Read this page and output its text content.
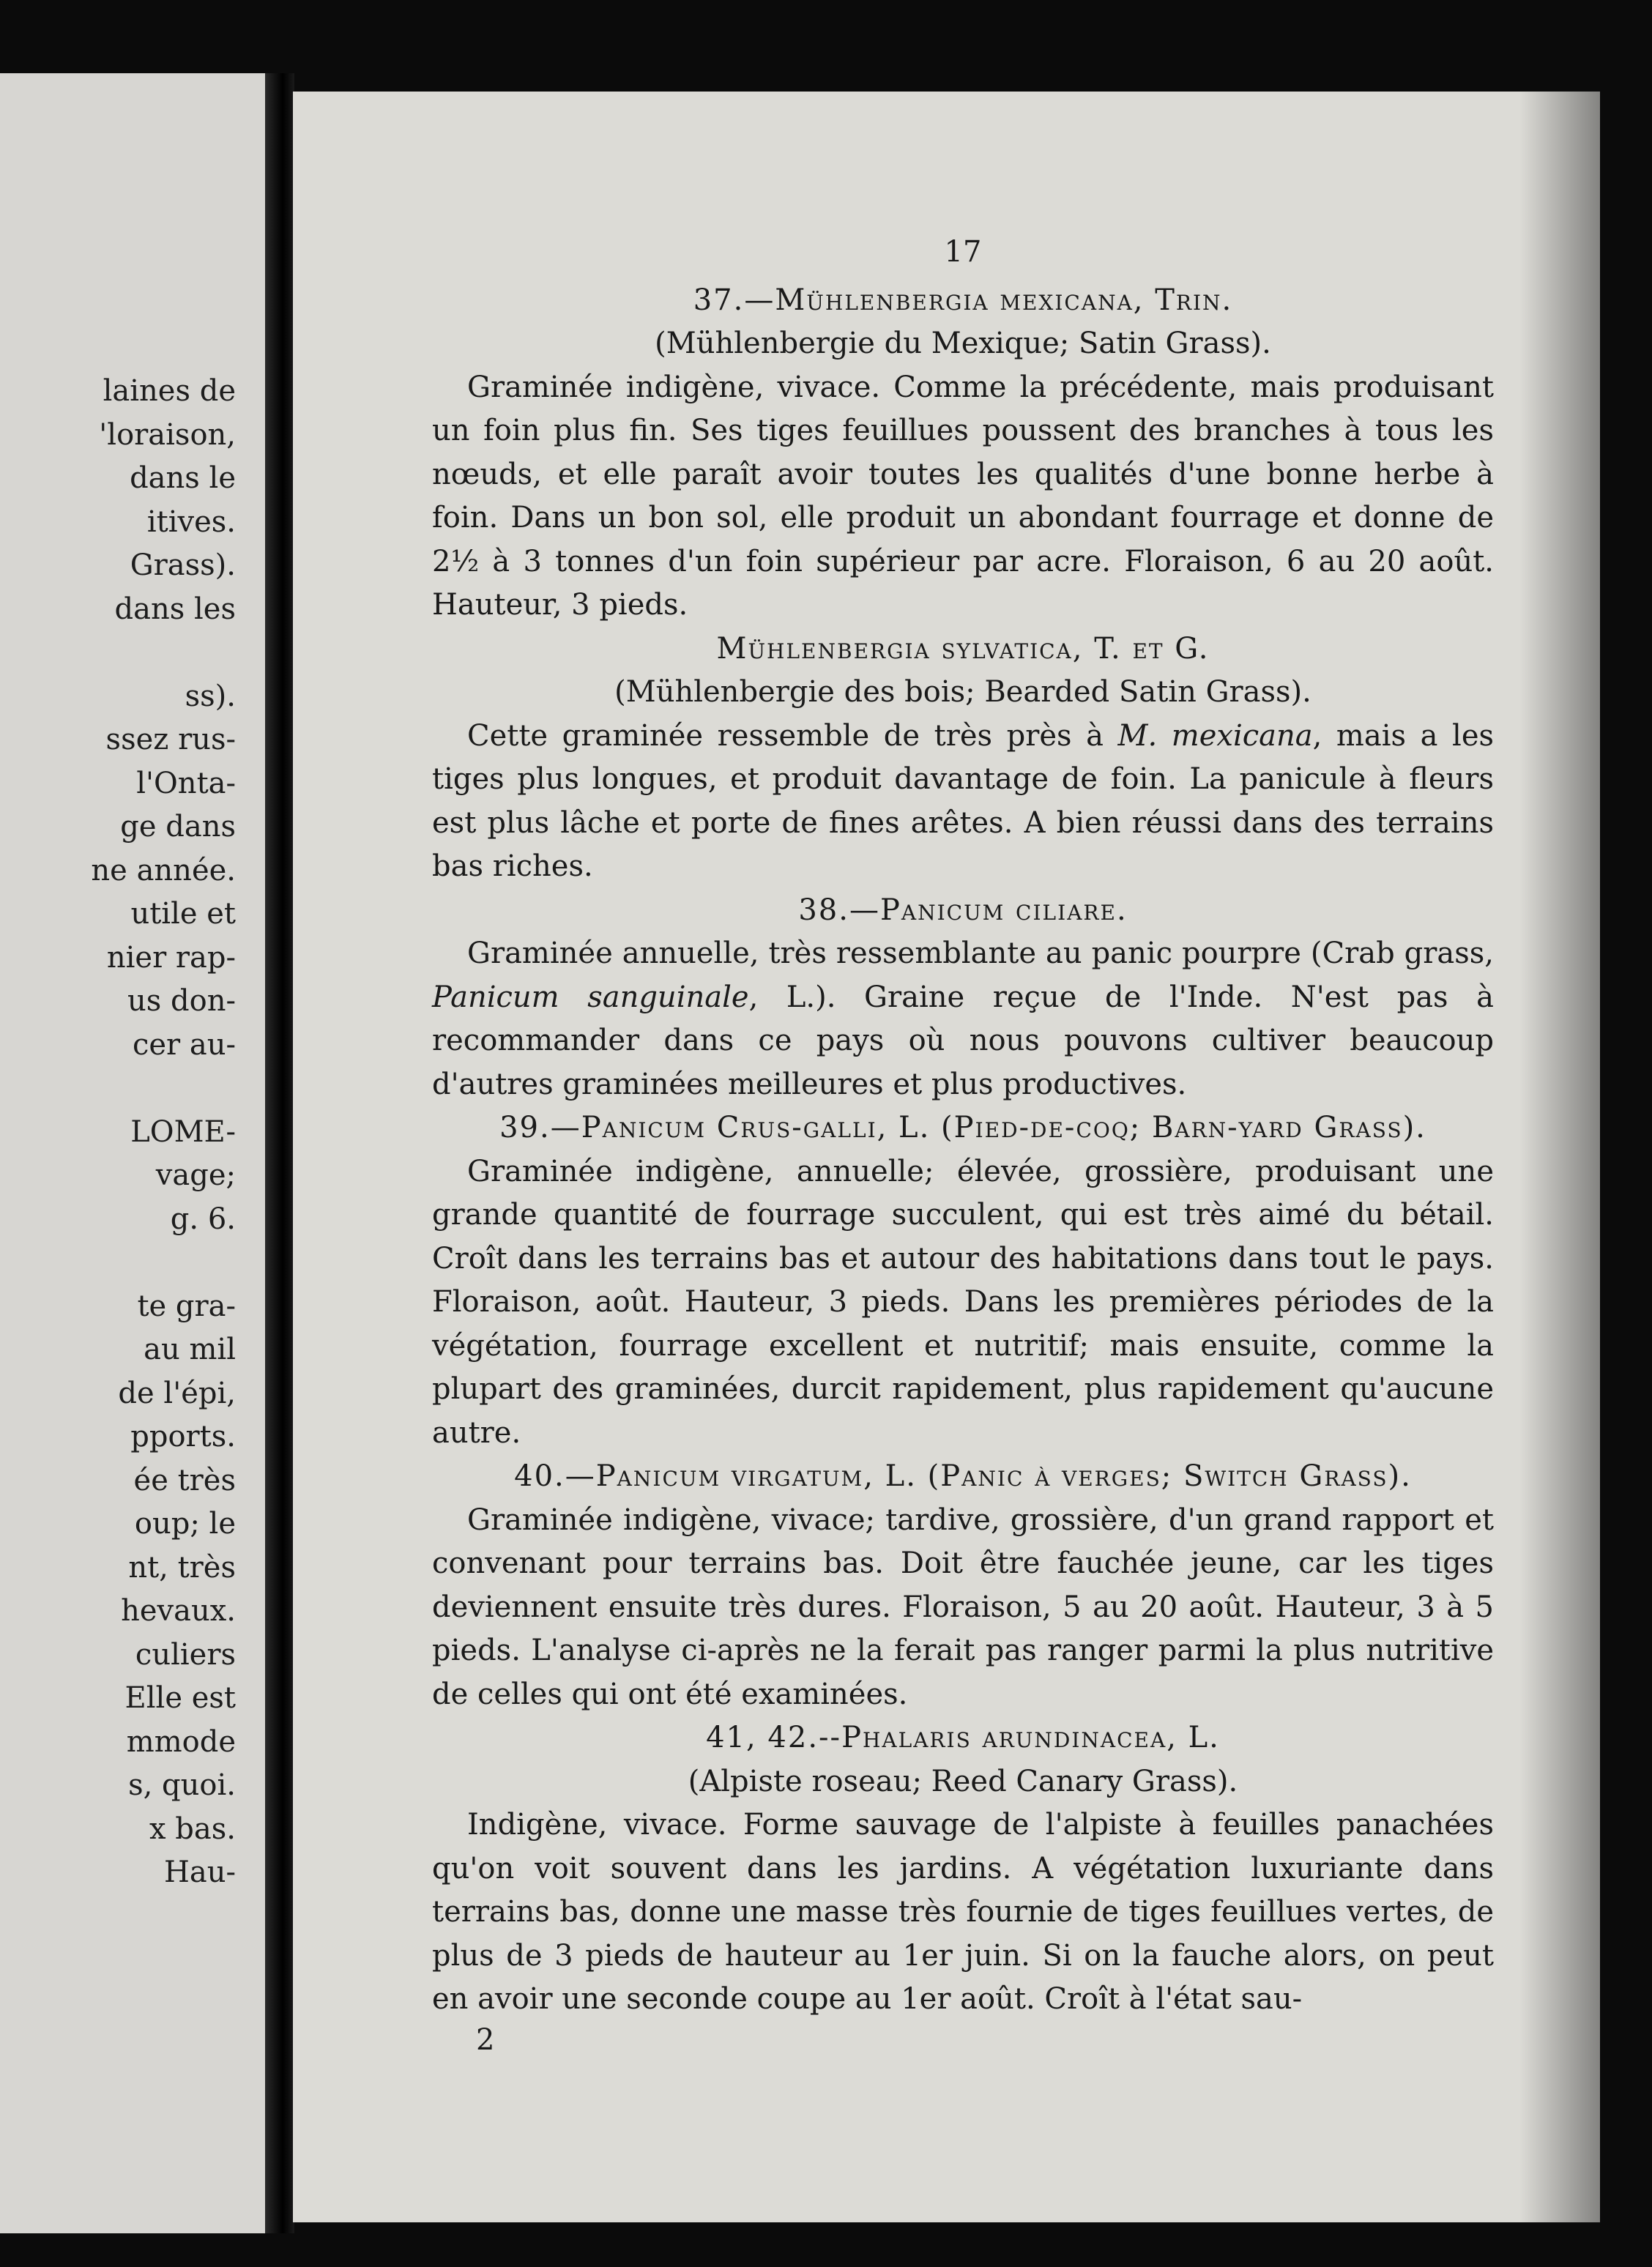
laines de
'loraison,
dans le
itives.
Grass).
dans les
ss).
ssez rus-
l'Onta-
ge dans
ne année.
utile et
nier rap-
us don-
cer au-
LOME-
vage;
g. 6.
te gra-
au mil
de l'épi,
pports.
ée très
oup; le
nt, très
hevaux.
culiers
Elle est
mmode
s, quoi.
x bas.
Hau-
17
37.—Mühlenbergia mexicana, Trin.
(Mühlenbergie du Mexique; Satin Grass).

Graminée indigène, vivace. Comme la précédente, mais produisant un foin plus fin. Ses tiges feuillues poussent des branches à tous les nœuds, et elle paraît avoir toutes les qualités d'une bonne herbe à foin. Dans un bon sol, elle produit un abondant fourrage et donne de 2½ à 3 tonnes d'un foin supérieur par acre. Floraison, 6 au 20 août. Hauteur, 3 pieds.

Mühlenbergia sylvatica, T. et G.
(Mühlenbergie des bois; Bearded Satin Grass).

Cette graminée ressemble de très près à M. mexicana, mais a les tiges plus longues, et produit davantage de foin. La panicule à fleurs est plus lâche et porte de fines arêtes. A bien réussi dans des terrains bas riches.

38.—Panicum ciliare.

Graminée annuelle, très ressemblante au panic pourpre (Crab grass, Panicum sanguinale, L.). Graine reçue de l'Inde. N'est pas à recommander dans ce pays où nous pouvons cultiver beaucoup d'autres graminées meilleures et plus productives.

39.—Panicum Crus-galli, L. (Pied-de-coq; Barn-yard Grass).

Graminée indigène, annuelle; élevée, grossière, produisant une grande quantité de fourrage succulent, qui est très aimé du bétail. Croît dans les terrains bas et autour des habitations dans tout le pays. Floraison, août. Hauteur, 3 pieds. Dans les premières périodes de la végétation, fourrage excellent et nutritif; mais ensuite, comme la plupart des graminées, durcit rapidement, plus rapidement qu'aucune autre.

40.—Panicum virgatum, L. (Panic à verges; Switch Grass).

Graminée indigène, vivace; tardive, grossière, d'un grand rapport et convenant pour terrains bas. Doit être fauchée jeune, car les tiges deviennent ensuite très dures. Floraison, 5 au 20 août. Hauteur, 3 à 5 pieds. L'analyse ci-après ne la ferait pas ranger parmi la plus nutritive de celles qui ont été examinées.

41, 42.--Phalaris arundinacea, L.
(Alpiste roseau; Reed Canary Grass).

Indigène, vivace. Forme sauvage de l'alpiste à feuilles panachées qu'on voit souvent dans les jardins. A végétation luxuriante dans terrains bas, donne une masse très fournie de tiges feuillues vertes, de plus de 3 pieds de hauteur au 1er juin. Si on la fauche alors, on peut en avoir une seconde coupe au 1er août. Croît à l'état sau-

2
